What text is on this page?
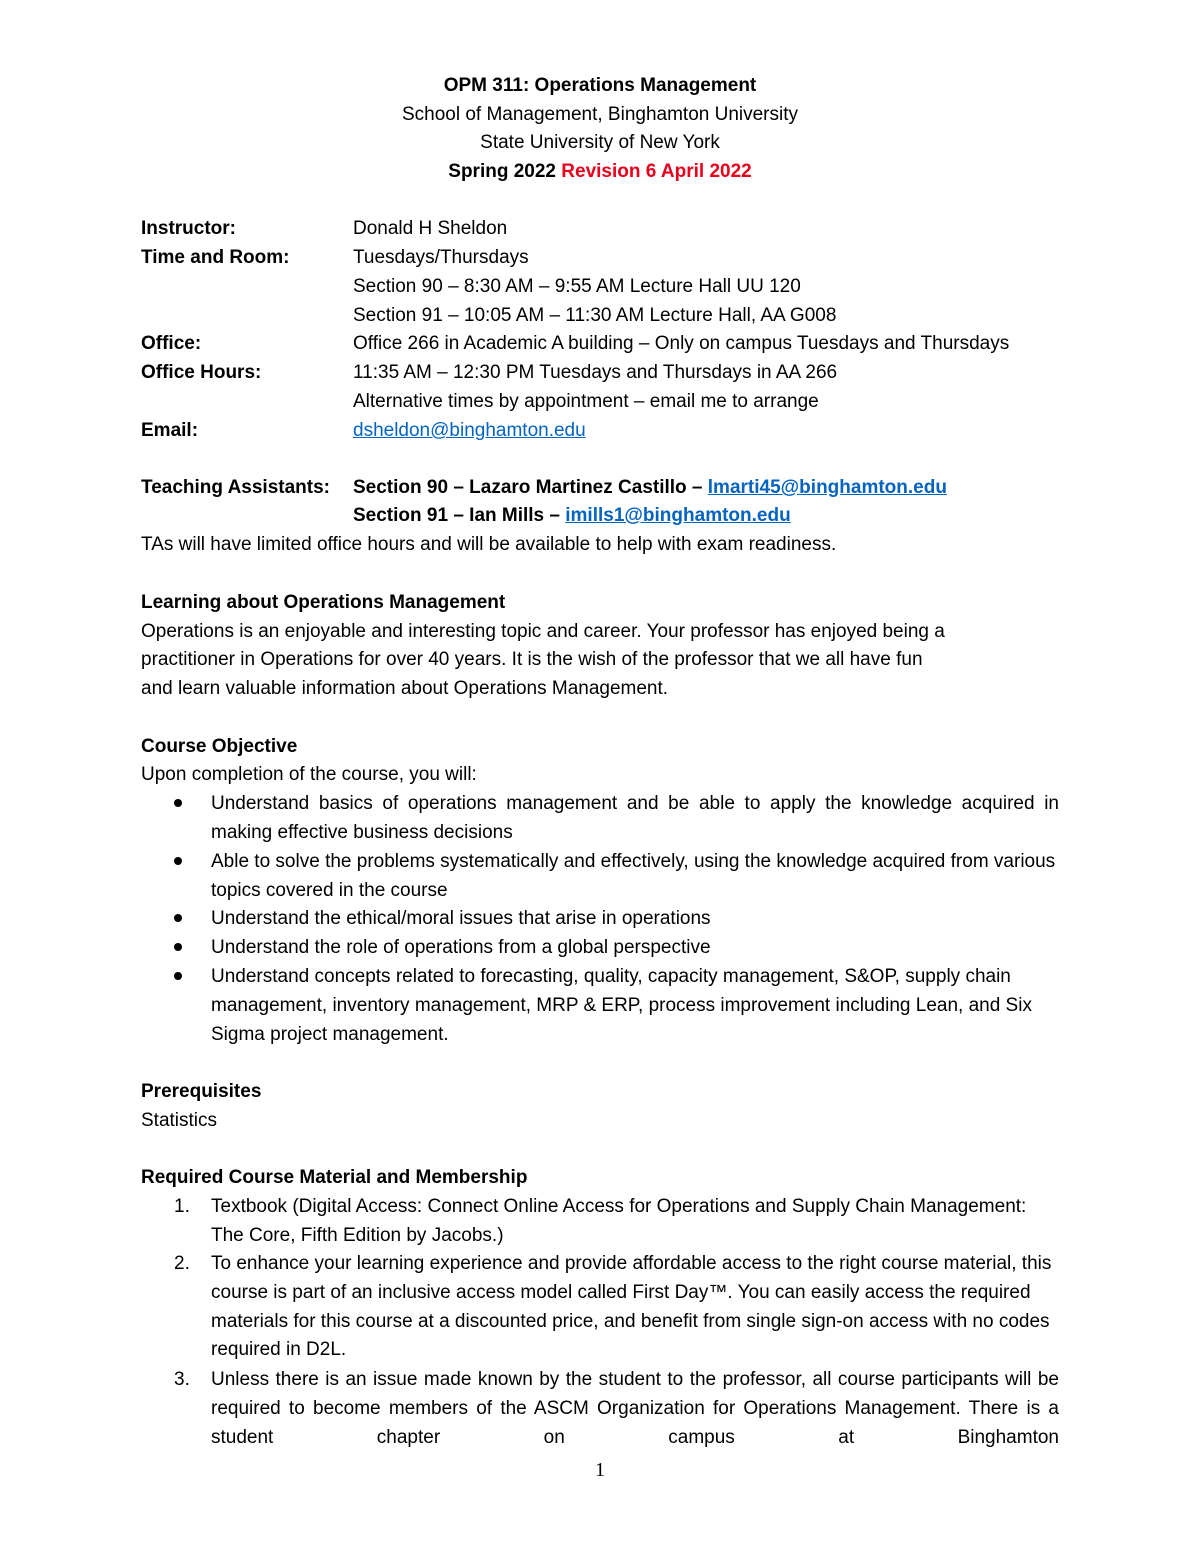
OPM 311: Operations Management
School of Management, Binghamton University
State University of New York
Spring 2022 Revision 6 April 2022
Instructor:	Donald H Sheldon
Time and Room:	Tuesdays/Thursdays
Section 90 – 8:30 AM – 9:55 AM Lecture Hall UU 120
Section 91 – 10:05 AM – 11:30 AM Lecture Hall, AA G008
Office:	Office 266 in Academic A building – Only on campus Tuesdays and Thursdays
Office Hours:	11:35 AM – 12:30 PM Tuesdays and Thursdays in AA 266
Alternative times by appointment – email me to arrange
Email:	dsheldon@binghamton.edu
Teaching Assistants: Section 90 – Lazaro Martinez Castillo – lmarti45@binghamton.edu
Section 91 – Ian Mills – imills1@binghamton.edu
TAs will have limited office hours and will be available to help with exam readiness.
Learning about Operations Management
Operations is an enjoyable and interesting topic and career. Your professor has enjoyed being a
practitioner in Operations for over 40 years. It is the wish of the professor that we all have fun
and learn valuable information about Operations Management.
Course Objective
Upon completion of the course, you will:
Understand basics of operations management and be able to apply the knowledge acquired in making effective business decisions
Able to solve the problems systematically and effectively, using the knowledge acquired from various topics covered in the course
Understand the ethical/moral issues that arise in operations
Understand the role of operations from a global perspective
Understand concepts related to forecasting, quality, capacity management, S&OP, supply chain management, inventory management, MRP & ERP, process improvement including Lean, and Six Sigma project management.
Prerequisites
Statistics
Required Course Material and Membership
1. Textbook (Digital Access: Connect Online Access for Operations and Supply Chain Management: The Core, Fifth Edition by Jacobs.)
2. To enhance your learning experience and provide affordable access to the right course material, this course is part of an inclusive access model called First Day™. You can easily access the required materials for this course at a discounted price, and benefit from single sign-on access with no codes required in D2L.
3. Unless there is an issue made known by the student to the professor, all course participants will be required to become members of the ASCM Organization for Operations Management. There is a student chapter on campus at Binghamton
1
